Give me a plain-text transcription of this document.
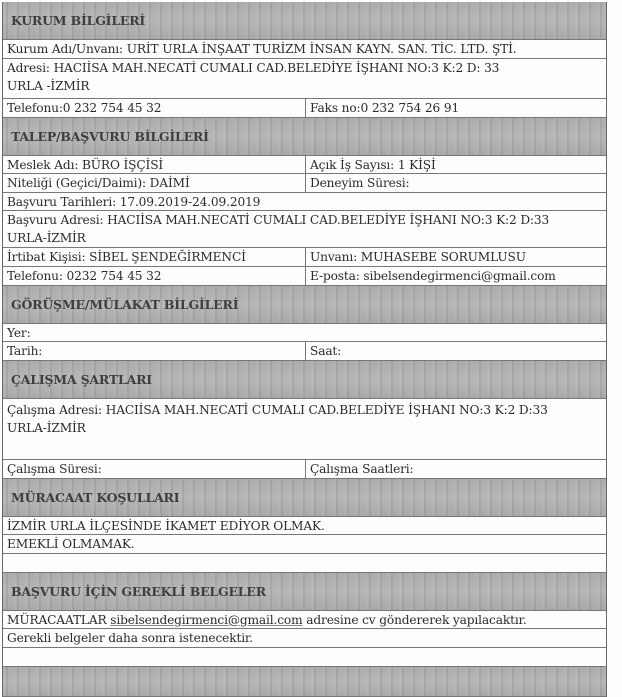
KURUM BİLGİLERİ
Kurum Adı/Unvanı: URİT URLA İNŞAAT TURİZM İNSAN KAYN. SAN. TİC. LTD. ŞTİ.
Adresi: HACIİSA MAH.NECATİ CUMALI CAD.BELEDİYE İŞHANI NO:3 K:2 D: 33
URLA -İZMİR
Telefonu:0 232 754 45 32	Faks no:0 232 754 26 91
TALEP/BAŞVURU BİLGİLERİ
Meslek Adı: BÜRO İŞÇİSİ	Açık İş Sayısı: 1 KİŞİ
Niteliği (Geçici/Daimi): DAİMİ	Deneyim Süresi:
Başvuru Tarihleri: 17.09.2019-24.09.2019
Başvuru Adresi: HACIİSA MAH.NECATİ CUMALI CAD.BELEDİYE İŞHANI NO:3 K:2 D:33
URLA-İZMİR
İrtibat Kişisi: SİBEL ŞENDEĞİRMENCİ	Unvanı: MUHASEBE SORUMLUSU
Telefonu: 0232 754 45 32	E-posta: sibelsendegirmenci@gmail.com
GÖRÜŞME/MÜLAKAT BİLGİLERİ
Yer:
Tarih:	Saat:
ÇALIŞMA ŞARTLARI
Çalışma Adresi: HACIİSA MAH.NECATİ CUMALI CAD.BELEDİYE İŞHANI NO:3 K:2 D:33
URLA-İZMİR
Çalışma Süresi:	Çalışma Saatleri:
MÜRACAAT KOŞULLARI
İZMİR URLA İLÇESİNDE İKAMET EDİYOR OLMAK.
EMEKLİ OLMAMAK.
BAŞVURU İÇİN GEREKLİ BELGELER
MÜRACAATLAR sibelsendegirmenci@gmail.com adresine cv göndererek yapılacaktır.
Gerekli belgeler daha sonra istenecektir.
